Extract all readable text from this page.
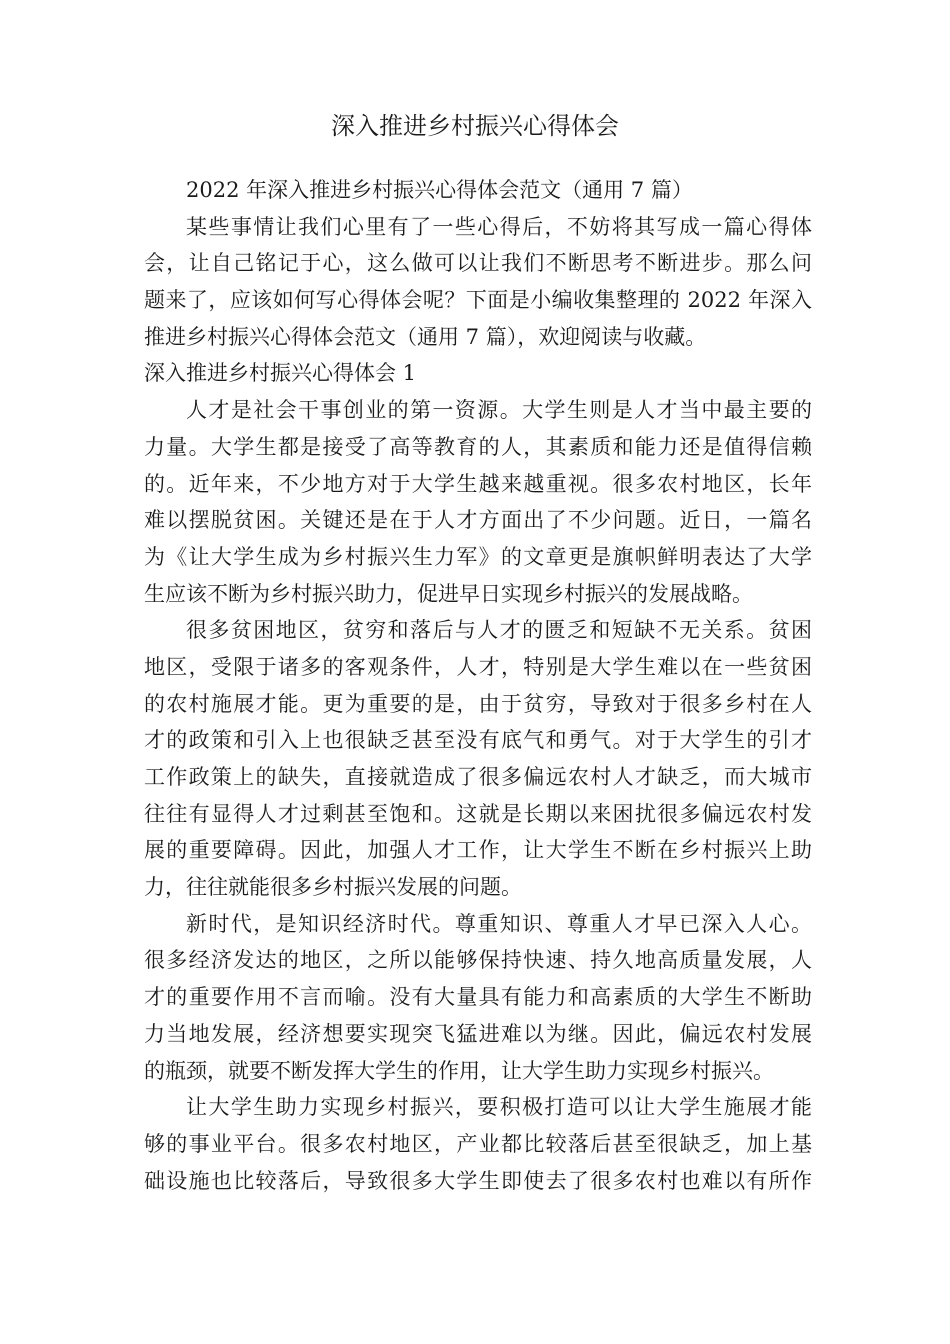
深入推进乡村振兴心得体会
2022 年深入推进乡村振兴心得体会范文（通用 7 篇）
某些事情让我们心里有了一些心得后，不妨将其写成一篇心得体
会，让自己铭记于心，这么做可以让我们不断思考不断进步。那么问
题来了，应该如何写心得体会呢？下面是小编收集整理的 2022 年深入
推进乡村振兴心得体会范文（通用 7 篇），欢迎阅读与收藏。
深入推进乡村振兴心得体会 1
人才是社会干事创业的第一资源。大学生则是人才当中最主要的
力量。大学生都是接受了高等教育的人，其素质和能力还是值得信赖
的。近年来，不少地方对于大学生越来越重视。很多农村地区，长年
难以摆脱贫困。关键还是在于人才方面出了不少问题。近日，一篇名
为《让大学生成为乡村振兴生力军》的文章更是旗帜鲜明表达了大学
生应该不断为乡村振兴助力，促进早日实现乡村振兴的发展战略。
很多贫困地区，贫穷和落后与人才的匮乏和短缺不无关系。贫困
地区，受限于诸多的客观条件，人才，特别是大学生难以在一些贫困
的农村施展才能。更为重要的是，由于贫穷，导致对于很多乡村在人
才的政策和引入上也很缺乏甚至没有底气和勇气。对于大学生的引才
工作政策上的缺失，直接就造成了很多偏远农村人才缺乏，而大城市
往往有显得人才过剩甚至饱和。这就是长期以来困扰很多偏远农村发
展的重要障碍。因此，加强人才工作，让大学生不断在乡村振兴上助
力，往往就能很多乡村振兴发展的问题。
新时代，是知识经济时代。尊重知识、尊重人才早已深入人心。
很多经济发达的地区，之所以能够保持快速、持久地高质量发展，人
才的重要作用不言而喻。没有大量具有能力和高素质的大学生不断助
力当地发展，经济想要实现突飞猛进难以为继。因此，偏远农村发展
的瓶颈，就要不断发挥大学生的作用，让大学生助力实现乡村振兴。
让大学生助力实现乡村振兴，要积极打造可以让大学生施展才能
够的事业平台。很多农村地区，产业都比较落后甚至很缺乏，加上基
础设施也比较落后，导致很多大学生即使去了很多农村也难以有所作
